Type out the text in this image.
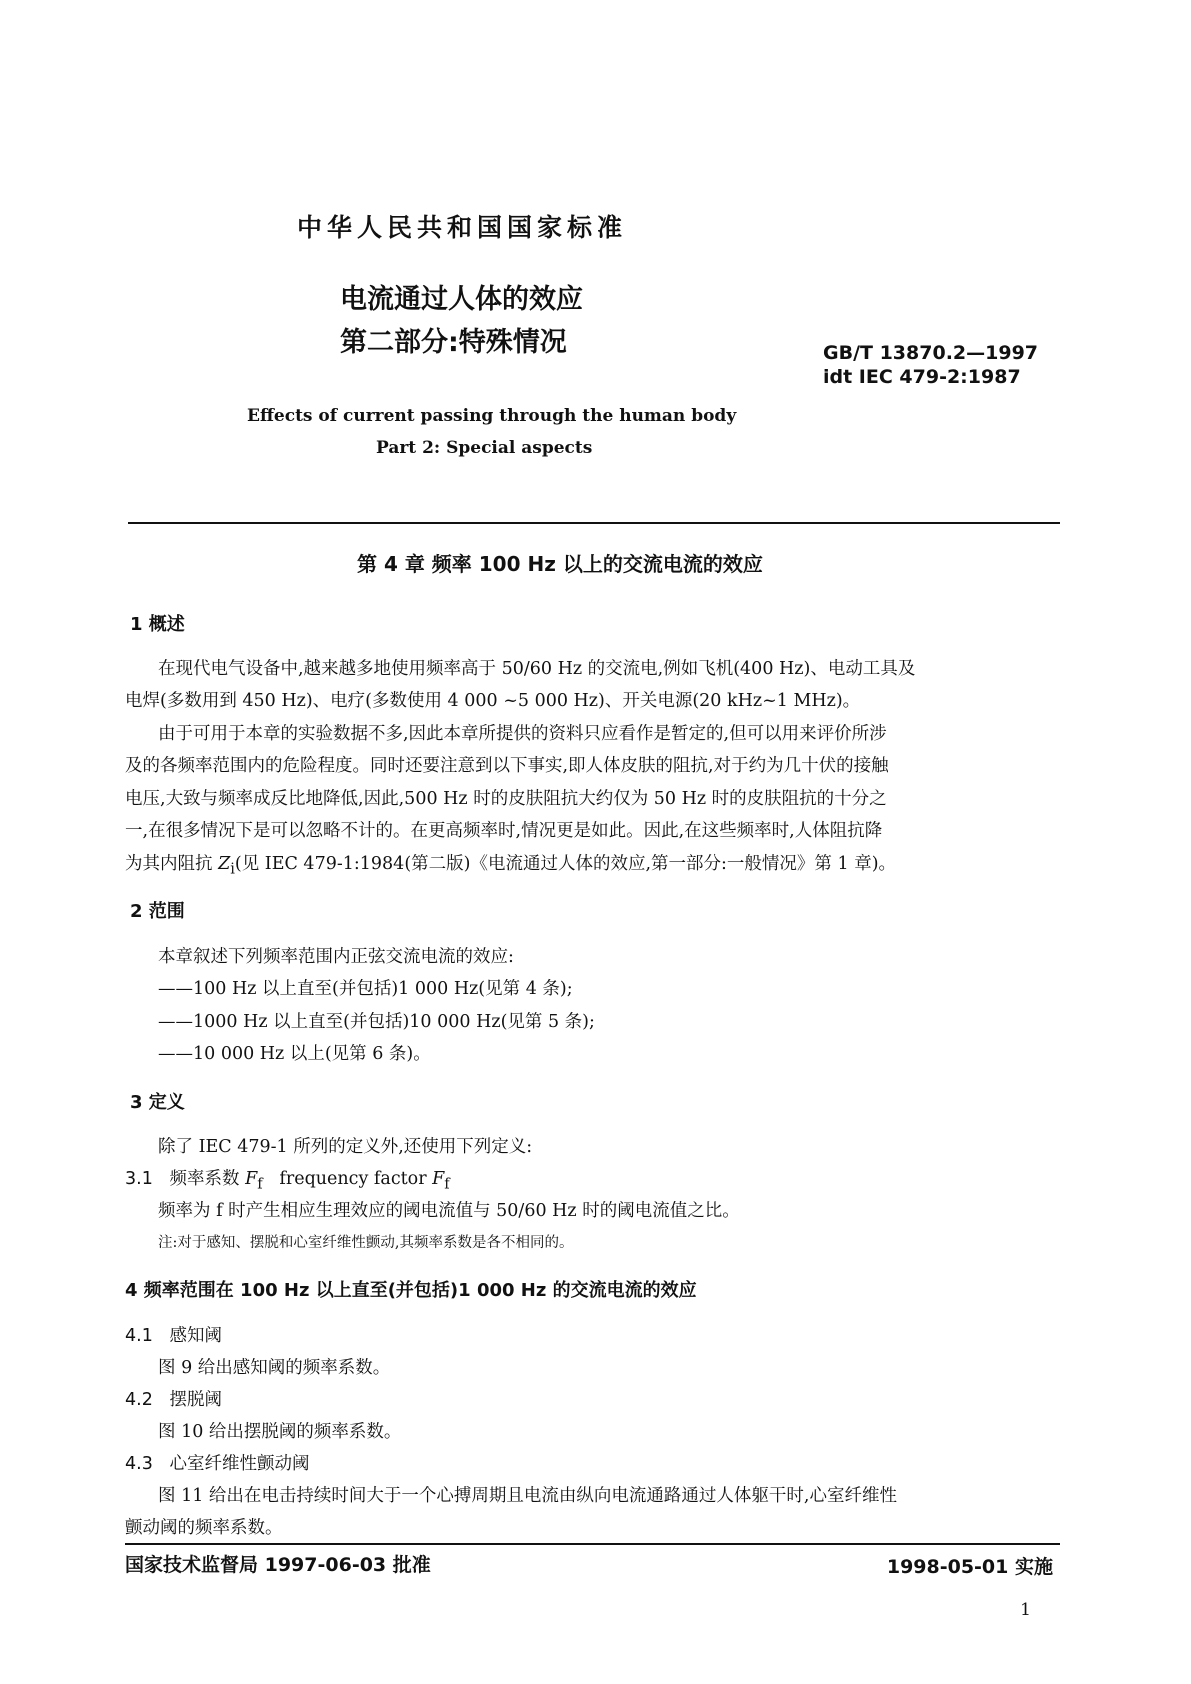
中华人民共和国国家标准
电流通过人体的效应
第二部分:特殊情况	GB/T 13870.2—1997
idt IEC 479-2:1987
Effects of current passing through the human body
Part 2: Special aspects
第 4 章 频率 100 Hz 以上的交流电流的效应
1 概述
在现代电气设备中,越来越多地使用频率高于 50/60 Hz 的交流电,例如飞机(400 Hz)、电动工具及
电焊(多数用到 450 Hz)、电疗(多数使用 4 000 ~5 000 Hz)、开关电源(20 kHz~1 MHz)。
由于可用于本章的实验数据不多,因此本章所提供的资料只应看作是暂定的,但可以用来评价所涉
及的各频率范围内的危险程度。同时还要注意到以下事实,即人体皮肤的阻抗,对于约为几十伏的接触
电压,大致与频率成反比地降低,因此,500 Hz 时的皮肤阻抗大约仅为 50 Hz 时的皮肤阻抗的十分之
一,在很多情况下是可以忽略不计的。在更高频率时,情况更是如此。因此,在这些频率时,人体阻抗降
为其内阻抗 $Z_i$(见 IEC 479-1:1984(第二版)《电流通过人体的效应,第一部分:一般情况》第 1 章)。
2 范围
本章叙述下列频率范围内正弦交流电流的效应:
——100 Hz 以上直至(并包括)1 000 Hz(见第 4 条);
——1000 Hz 以上直至(并包括)10 000 Hz(见第 5 条);
——10 000 Hz 以上(见第 6 条)。
3 定义
除了 IEC 479-1 所列的定义外,还使用下列定义:
3.1 频率系数 $F_f$ frequency factor $F_f$
频率为 f 时产生相应生理效应的阈电流值与 50/60 Hz 时的阈电流值之比。
注:对于感知、摆脱和心室纤维性颤动,其频率系数是各不相同的。
4 频率范围在 100 Hz 以上直至(并包括)1 000 Hz 的交流电流的效应
4.1 感知阈
图 9 给出感知阈的频率系数。
4.2 摆脱阈
图 10 给出摆脱阈的频率系数。
4.3 心室纤维性颤动阈
图 11 给出在电击持续时间大于一个心搏周期且电流由纵向电流通路通过人体躯干时,心室纤维性
颤动阈的频率系数。
国家技术监督局 1997-06-03 批准	1998-05-01 实施
1
